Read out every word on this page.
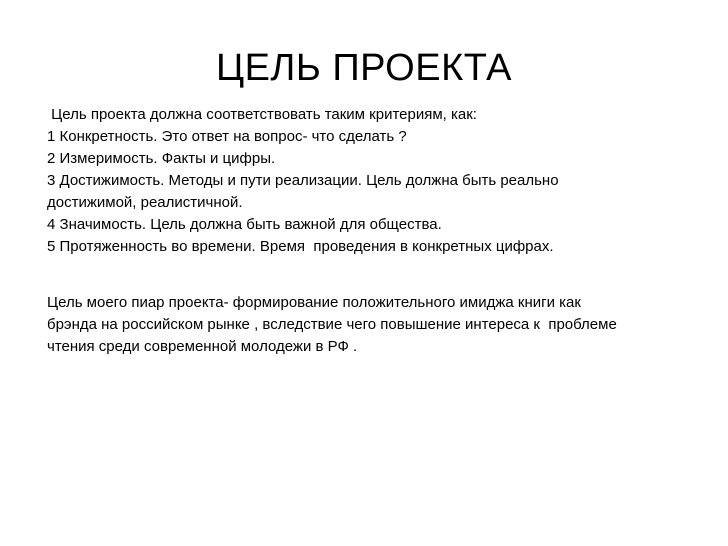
ЦЕЛЬ ПРОЕКТА
Цель проекта должна соответствовать таким критериям, как:
1 Конкретность. Это ответ на вопрос- что сделать ?
2 Измеримость. Факты и цифры.
3 Достижимость. Методы и пути реализации. Цель должна быть реально
достижимой, реалистичной.
4 Значимость. Цель должна быть важной для общества.
5 Протяженность во времени. Время  проведения в конкретных цифрах.
Цель моего пиар проекта- формирование положительного имиджа книги как
брэнда на российском рынке , вследствие чего повышение интереса к  проблеме
чтения среди современной молодежи в РФ .
